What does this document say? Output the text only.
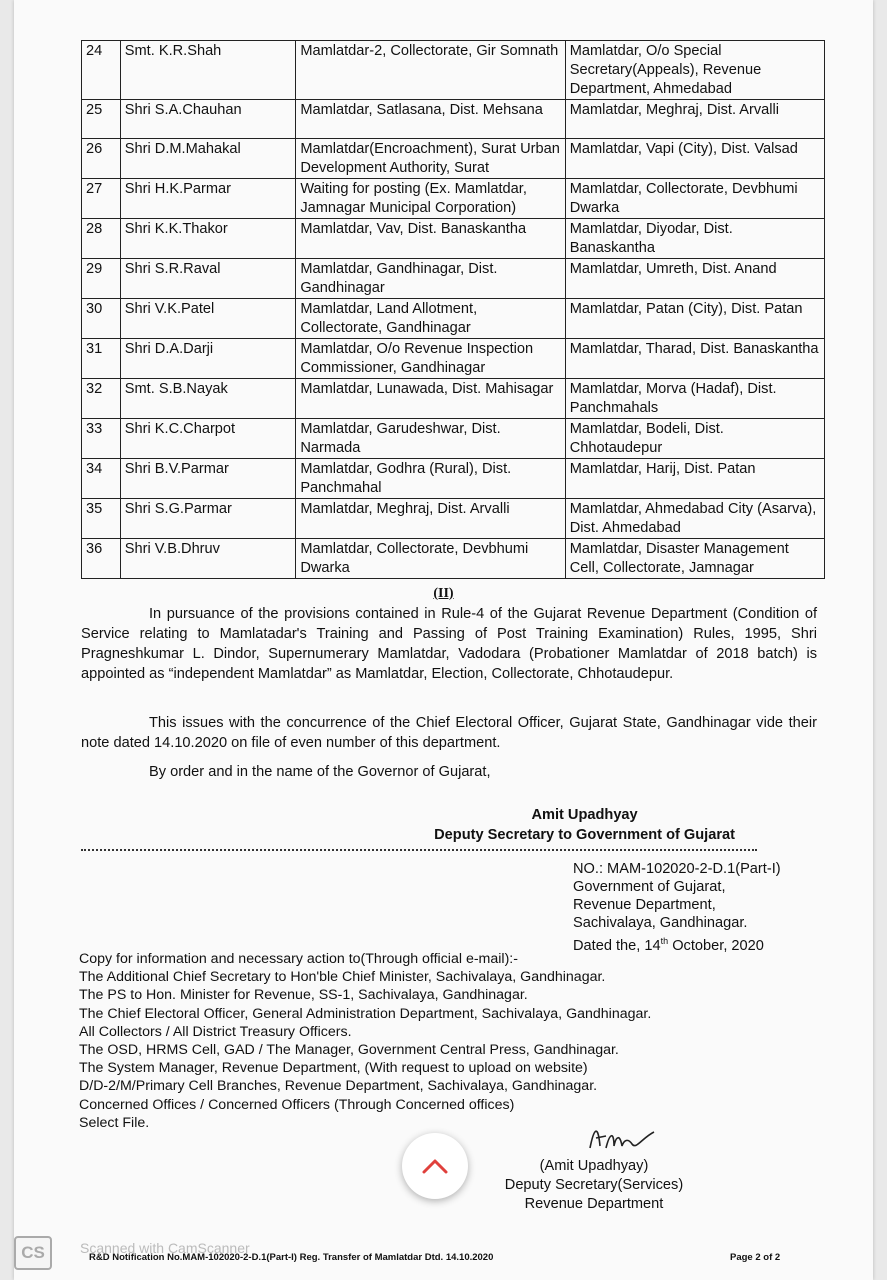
24	Smt. K.R.Shah	Mamlatdar-2, Collectorate, Gir Somnath	Mamlatdar, O/o Special Secretary(Appeals), Revenue Department, Ahmedabad
25	Shri S.A.Chauhan	Mamlatdar, Satlasana, Dist. Mehsana	Mamlatdar, Meghraj, Dist. Arvalli
26	Shri D.M.Mahakal	Mamlatdar(Encroachment), Surat Urban Development Authority, Surat	Mamlatdar, Vapi (City), Dist. Valsad
27	Shri H.K.Parmar	Waiting for posting (Ex. Mamlatdar, Jamnagar Municipal Corporation)	Mamlatdar, Collectorate, Devbhumi Dwarka
28	Shri K.K.Thakor	Mamlatdar, Vav, Dist. Banaskantha	Mamlatdar, Diyodar, Dist. Banaskantha
29	Shri S.R.Raval	Mamlatdar, Gandhinagar, Dist. Gandhinagar	Mamlatdar, Umreth, Dist. Anand
30	Shri V.K.Patel	Mamlatdar, Land Allotment, Collectorate, Gandhinagar	Mamlatdar, Patan (City), Dist. Patan
31	Shri D.A.Darji	Mamlatdar, O/o Revenue Inspection Commissioner, Gandhinagar	Mamlatdar, Tharad, Dist. Banaskantha
32	Smt. S.B.Nayak	Mamlatdar, Lunawada, Dist. Mahisagar	Mamlatdar, Morva (Hadaf), Dist. Panchmahals
33	Shri K.C.Charpot	Mamlatdar, Garudeshwar, Dist. Narmada	Mamlatdar, Bodeli, Dist. Chhotaudepur
34	Shri B.V.Parmar	Mamlatdar, Godhra (Rural), Dist. Panchmahal	Mamlatdar, Harij, Dist. Patan
35	Shri S.G.Parmar	Mamlatdar, Meghraj, Dist. Arvalli	Mamlatdar, Ahmedabad City (Asarva), Dist. Ahmedabad
36	Shri V.B.Dhruv	Mamlatdar, Collectorate, Devbhumi Dwarka	Mamlatdar, Disaster Management Cell, Collectorate, Jamnagar
(II)
In pursuance of the provisions contained in Rule-4 of the Gujarat Revenue Department (Condition of Service relating to Mamlatadar's Training and Passing of Post Training Examination) Rules, 1995, Shri Pragneshkumar L. Dindor, Supernumerary Mamlatdar, Vadodara (Probationer Mamlatdar of 2018 batch) is appointed as “independent Mamlatdar” as Mamlatdar, Election, Collectorate, Chhotaudepur.
This issues with the concurrence of the Chief Electoral Officer, Gujarat State, Gandhinagar vide their note dated 14.10.2020 on file of even number of this department.
By order and in the name of the Governor of Gujarat,
Amit Upadhyay
Deputy Secretary to Government of Gujarat
NO.: MAM-102020-2-D.1(Part-I)
Government of Gujarat,
Revenue Department,
Sachivalaya, Gandhinagar.
Dated the, 14th October, 2020
Copy for information and necessary action to(Through official e-mail):-
The Additional Chief Secretary to Hon'ble Chief Minister, Sachivalaya, Gandhinagar.
The PS to Hon. Minister for Revenue, SS-1, Sachivalaya, Gandhinagar.
The Chief Electoral Officer, General Administration Department, Sachivalaya, Gandhinagar.
All Collectors / All District Treasury Officers.
The OSD, HRMS Cell, GAD / The Manager, Government Central Press, Gandhinagar.
The System Manager, Revenue Department, (With request to upload on website)
D/D-2/M/Primary Cell Branches, Revenue Department, Sachivalaya, Gandhinagar.
Concerned Offices / Concerned Officers (Through Concerned offices)
Select File.
(Amit Upadhyay)
Deputy Secretary(Services)
Revenue Department
CS	Scanned with CamScanner
R&D Notification No.MAM-102020-2-D.1(Part-I) Reg. Transfer of Mamlatdar Dtd. 14.10.2020	Page 2 of 2
